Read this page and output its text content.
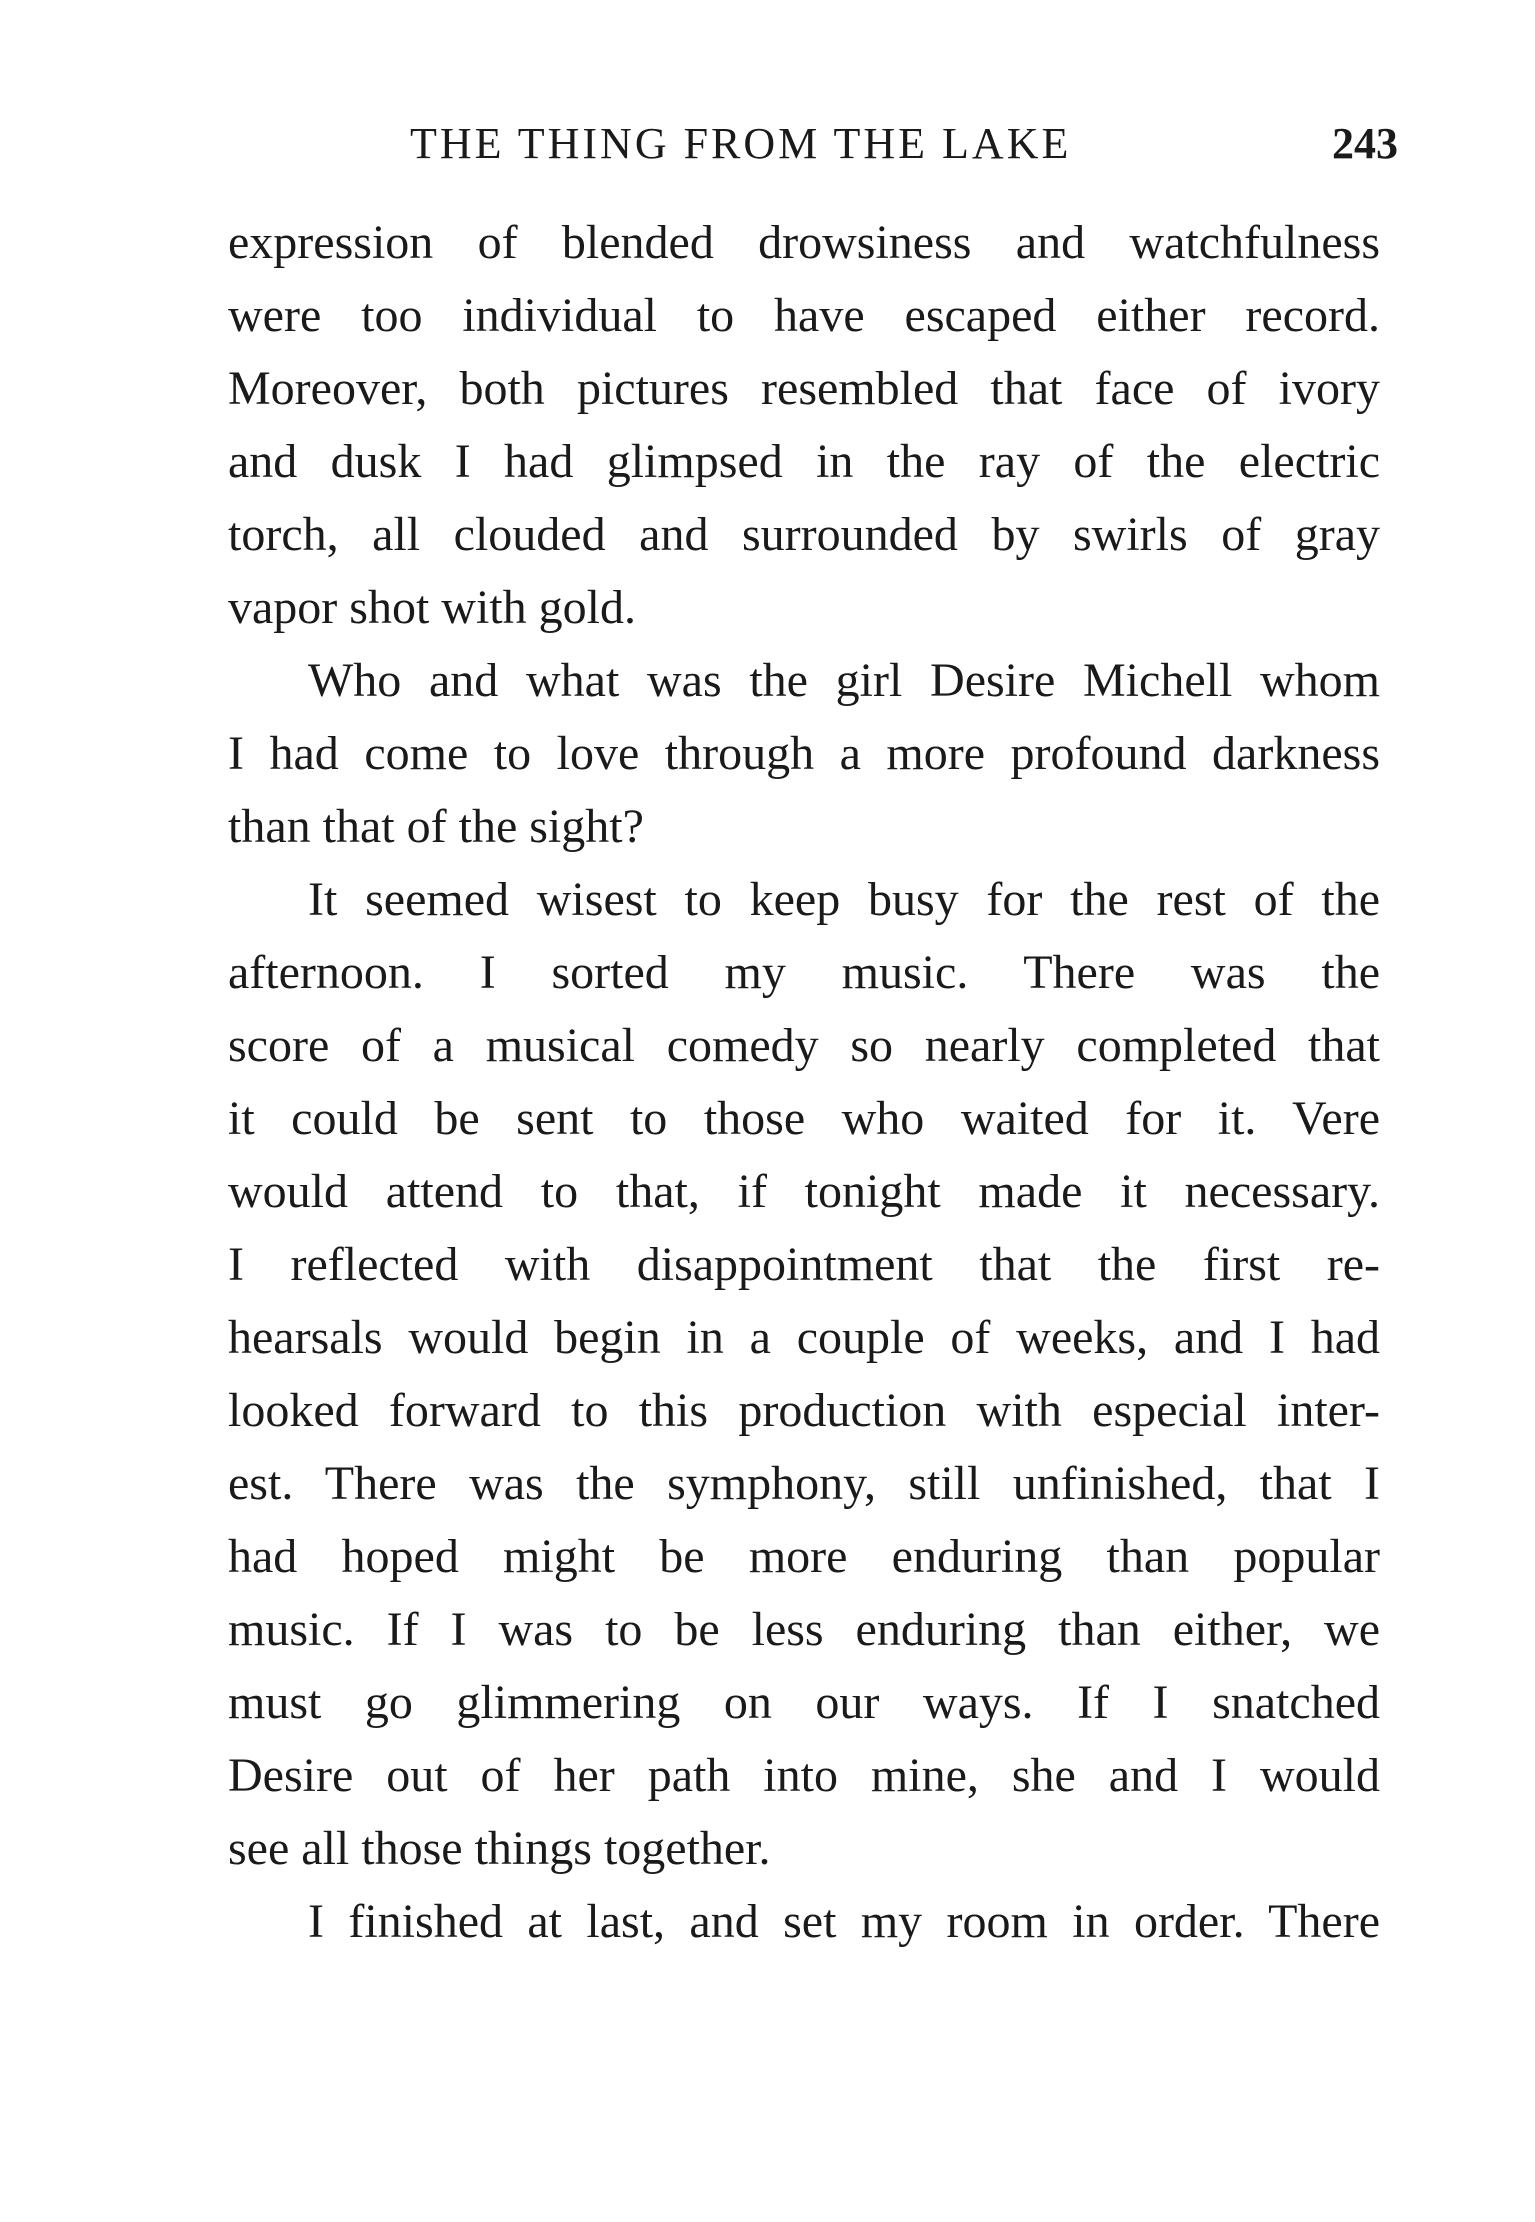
THE THING FROM THE LAKE	243
expression of blended drowsiness and watchfulness
were too individual to have escaped either record.
Moreover, both pictures resembled that face of ivory
and dusk I had glimpsed in the ray of the electric
torch, all clouded and surrounded by swirls of gray
vapor shot with gold.
Who and what was the girl Desire Michell whom
I had come to love through a more profound darkness
than that of the sight?
It seemed wisest to keep busy for the rest of the
afternoon. I sorted my music. There was the
score of a musical comedy so nearly completed that
it could be sent to those who waited for it. Vere
would attend to that, if tonight made it necessary.
I reflected with disappointment that the first re-
hearsals would begin in a couple of weeks, and I had
looked forward to this production with especial inter-
est. There was the symphony, still unfinished, that I
had hoped might be more enduring than popular
music. If I was to be less enduring than either, we
must go glimmering on our ways. If I snatched
Desire out of her path into mine, she and I would
see all those things together.
I finished at last, and set my room in order. There
